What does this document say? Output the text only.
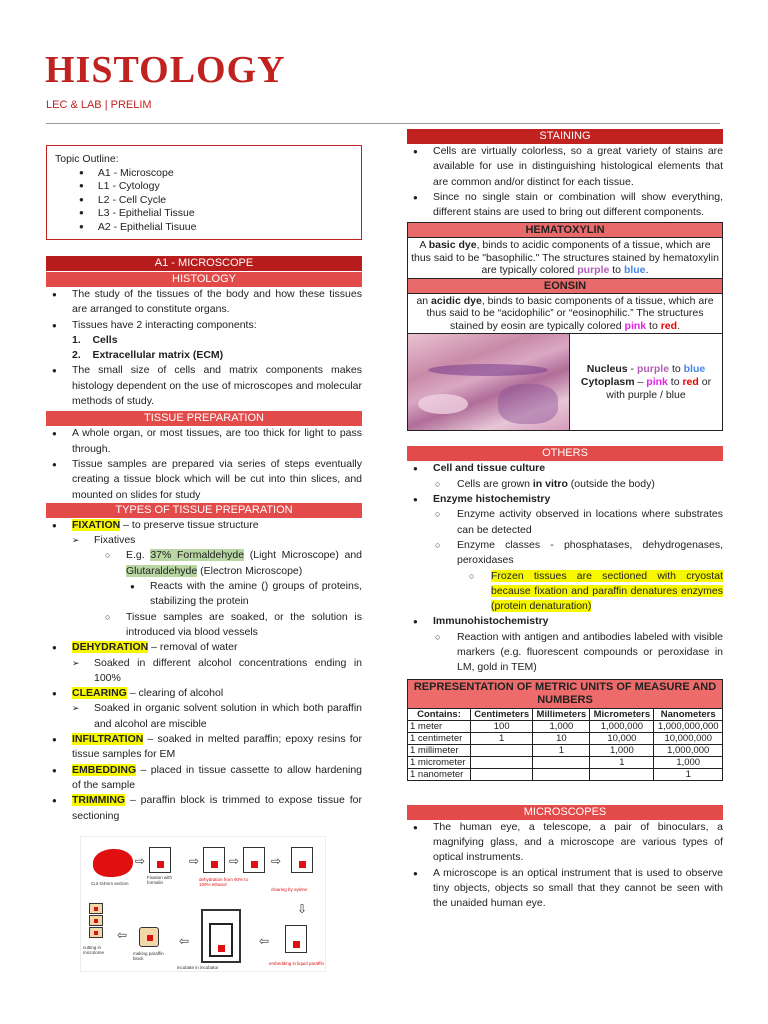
HISTOLOGY
LEC & LAB | PRELIM
Topic Outline:
● A1 - Microscope
● L1 - Cytology
● L2 - Cell Cycle
● L3 - Epithelial Tissue
● A2 - Epithelial Tisuue
A1 - MICROSCOPE
HISTOLOGY
● The study of the tissues of the body and how these tissues are arranged to constitute organs.
● Tissues have 2 interacting components:
1. Cells
2. Extracellular matrix (ECM)
● The small size of cells and matrix components makes histology dependent on the use of microscopes and molecular methods of study.
TISSUE PREPARATION
● A whole organ, or most tissues, are too thick for light to pass through.
● Tissue samples are prepared via series of steps eventually creating a tissue block which will be cut into thin slices, and mounted on slides for study
TYPES OF TISSUE PREPARATION
● FIXATION – to preserve tissue structure
➢ Fixatives
○ E.g. 37% Formaldehyde (Light Microscope) and Glutaraldehyde (Electron Microscope)
● Reacts with the amine () groups of proteins, stabilizing the protein
○ Tissue samples are soaked, or the solution is introduced via blood vessels
● DEHYDRATION – removal of water
➢ Soaked in different alcohol concentrations ending in 100%
● CLEARING – clearing of alcohol
➢ Soaked in organic solvent solution in which both paraffin and alcohol are miscible
● INFILTRATION – soaked in melted paraffin; epoxy resins for tissue samples for EM
● EMBEDDING – placed in tissue cassette to allow hardening of the sample
● TRIMMING – paraffin block is trimmed to expose tissue for sectioning
Cut 4/4mm section
⇨
Fixation with formalin
⇨
dehydration from 90% to 100% ethanol
⇨	⇨
clearing by xylene
⇩
embedding in liquid paraffin
⇦
incubate in incubator
⇦
making paraffin block
⇦
cutting in microtome
STAINING
● Cells are virtually colorless, so a great variety of stains are available for use in distinguishing histological elements that are common and/or distinct for each tissue.
● Since no single stain or combination will show everything, different stains are used to bring out different components.
HEMATOXYLIN
A basic dye, binds to acidic components of a tissue, which are thus said to be "basophilic." The structures stained by hematoxylin are typically colored purple to blue.
EONSIN
an acidic dye, binds to basic components of a tissue, which are thus said to be “acidophilic” or “eosinophilic.” The structures stained by eosin are typically colored pink to red.
Nucleus - purple to blue
Cytoplasm – pink to red or with purple / blue
OTHERS
● Cell and tissue culture
○ Cells are grown in vitro (outside the body)
● Enzyme histochemistry
○ Enzyme activity observed in locations where substrates can be detected
○ Enzyme classes - phosphatases, dehydrogenases, peroxidases
○ Frozen tissues are sectioned with cryostat because fixation and paraffin denatures enzymes (protein denaturation)
● Immunohistochemistry
○ Reaction with antigen and antibodies labeled with visible markers (e.g. fluorescent compounds or peroxidase in LM, gold in TEM)
REPRESENTATION OF METRIC UNITS OF MEASURE AND NUMBERS
Contains:	Centimeters	Millimeters	Micrometers	Nanometers
1 meter	100	1,000	1,000,000	1,000,000,000
1 centimeter	1	10	10,000	10,000,000
1 millimeter		1	1,000	1,000,000
1 micrometer			1	1,000
1 nanometer				1
MICROSCOPES
● The human eye, a telescope, a pair of binoculars, a magnifying glass, and a microscope are various types of optical instruments.
● A microscope is an optical instrument that is used to observe tiny objects, objects so small that they cannot be seen with the unaided human eye.
